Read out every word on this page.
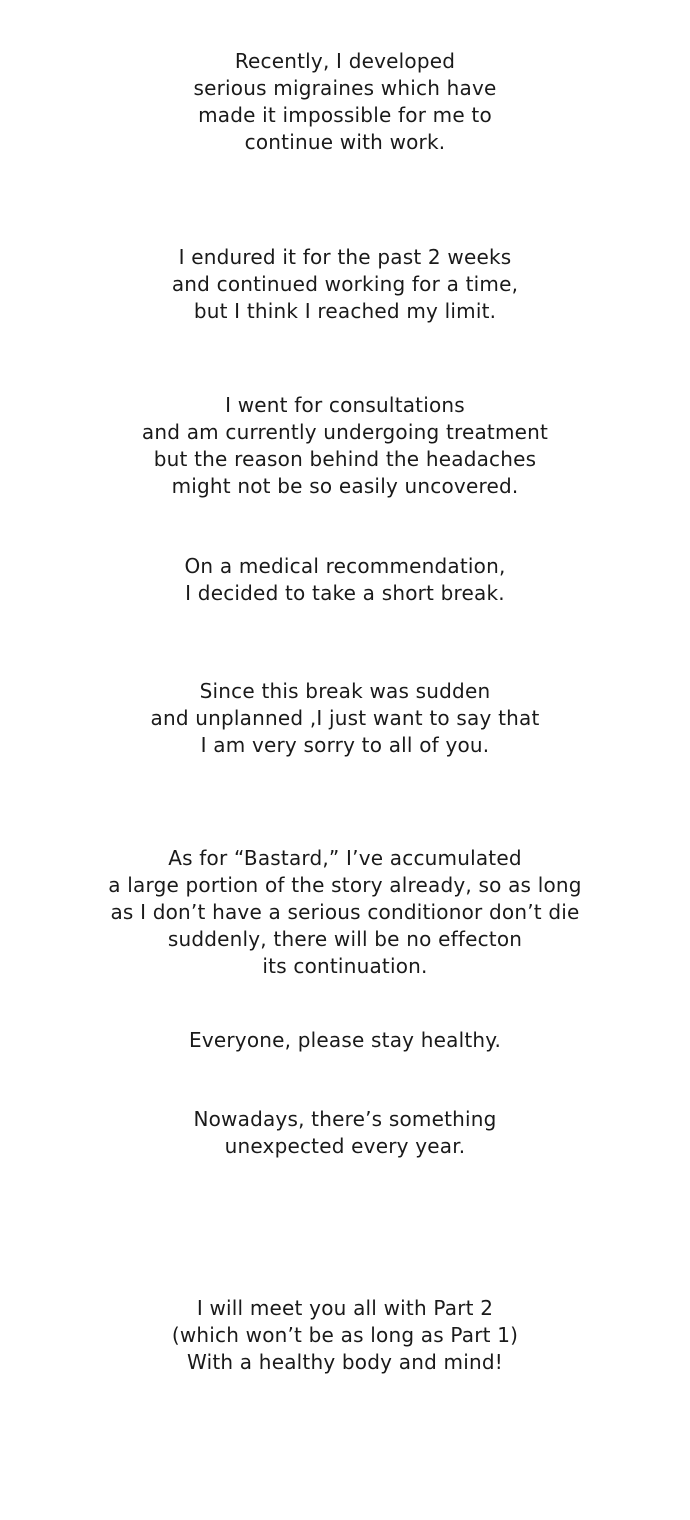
Recently, I developed
serious migraines which have
made it impossible for me to
continue with work.
I endured it for the past 2 weeks
and continued working for a time,
but I think I reached my limit.
I went for consultations
and am currently undergoing treatment
but the reason behind the headaches
might not be so easily uncovered.
On a medical recommendation,
I decided to take a short break.
Since this break was sudden
and unplanned ,I just want to say that
I am very sorry to all of you.
As for “Bastard,” I’ve accumulated
a large portion of the story already, so as long
as I don’t have a serious conditionor don’t die
suddenly, there will be no effecton
its continuation.
Everyone, please stay healthy.
Nowadays, there’s something
unexpected every year.
I will meet you all with Part 2
(which won’t be as long as Part 1)
With a healthy body and mind!
